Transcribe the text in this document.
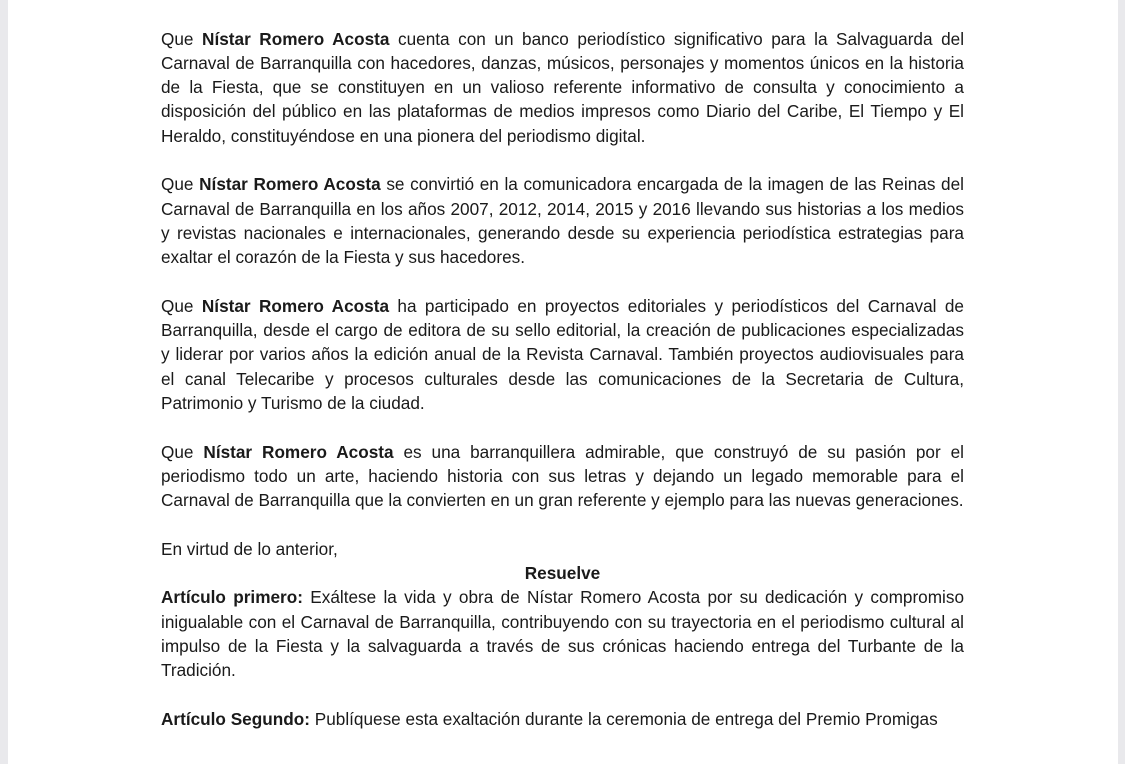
Que Nístar Romero Acosta cuenta con un banco periodístico significativo para la Salvaguarda del Carnaval de Barranquilla con hacedores, danzas, músicos, personajes y momentos únicos en la historia de la Fiesta, que se constituyen en un valioso referente informativo de consulta y conocimiento a disposición del público en las plataformas de medios impresos como Diario del Caribe, El Tiempo y El Heraldo, constituyéndose en una pionera del periodismo digital.

Que Nístar Romero Acosta se convirtió en la comunicadora encargada de la imagen de las Reinas del Carnaval de Barranquilla en los años 2007, 2012, 2014, 2015 y 2016 llevando sus historias a los medios y revistas nacionales e internacionales, generando desde su experiencia periodística estrategias para exaltar el corazón de la Fiesta y sus hacedores.

Que Nístar Romero Acosta ha participado en proyectos editoriales y periodísticos del Carnaval de Barranquilla, desde el cargo de editora de su sello editorial, la creación de publicaciones especializadas y liderar por varios años la edición anual de la Revista Carnaval. También proyectos audiovisuales para el canal Telecaribe y procesos culturales desde las comunicaciones de la Secretaria de Cultura, Patrimonio y Turismo de la ciudad.

Que Nístar Romero Acosta es una barranquillera admirable, que construyó de su pasión por el periodismo todo un arte, haciendo historia con sus letras y dejando un legado memorable para el Carnaval de Barranquilla que la convierten en un gran referente y ejemplo para las nuevas generaciones.

En virtud de lo anterior,

Resuelve

Artículo primero: Exáltese la vida y obra de Nístar Romero Acosta por su dedicación y compromiso inigualable con el Carnaval de Barranquilla, contribuyendo con su trayectoria en el periodismo cultural al impulso de la Fiesta y la salvaguarda a través de sus crónicas haciendo entrega del Turbante de la Tradición.

Artículo Segundo: Publíquese esta exaltación durante la ceremonia de entrega del Premio Promigas
